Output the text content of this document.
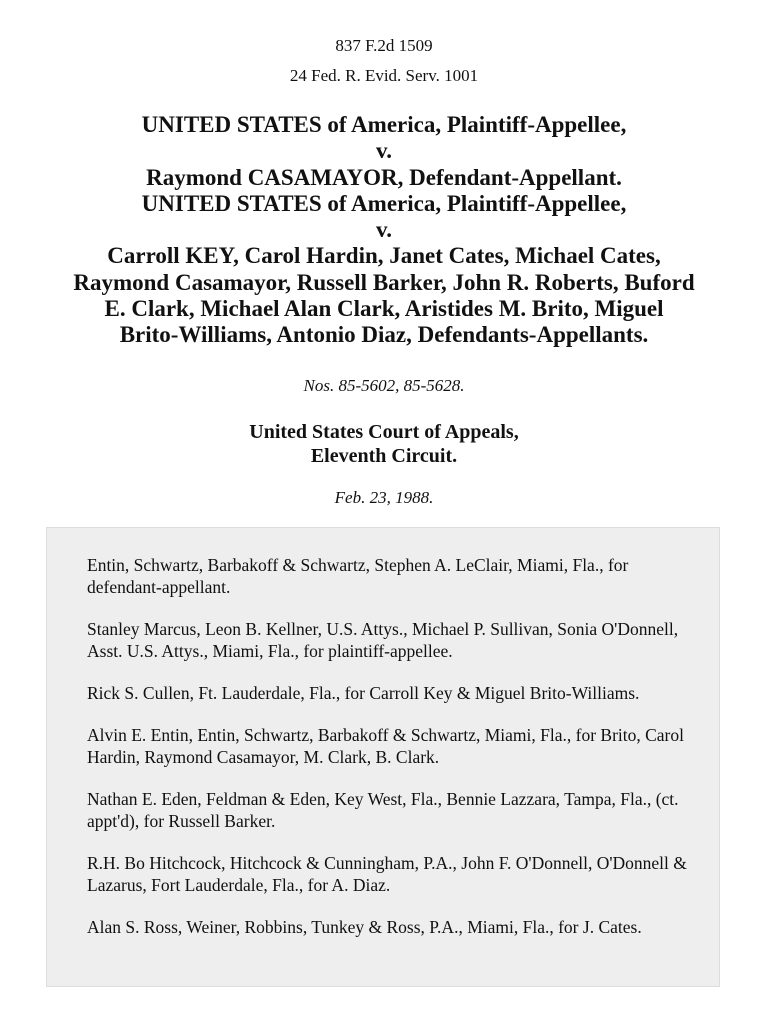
837 F.2d 1509
24 Fed. R. Evid. Serv. 1001
UNITED STATES of America, Plaintiff-Appellee,
v.
Raymond CASAMAYOR, Defendant-Appellant.
UNITED STATES of America, Plaintiff-Appellee,
v.
Carroll KEY, Carol Hardin, Janet Cates, Michael Cates,
Raymond Casamayor, Russell Barker, John R. Roberts, Buford
E. Clark, Michael Alan Clark, Aristides M. Brito, Miguel
Brito-Williams, Antonio Diaz, Defendants-Appellants.
Nos. 85-5602, 85-5628.
United States Court of Appeals,
Eleventh Circuit.
Feb. 23, 1988.
Entin, Schwartz, Barbakoff & Schwartz, Stephen A. LeClair, Miami, Fla., for defendant-appellant.
Stanley Marcus, Leon B. Kellner, U.S. Attys., Michael P. Sullivan, Sonia O'Donnell, Asst. U.S. Attys., Miami, Fla., for plaintiff-appellee.
Rick S. Cullen, Ft. Lauderdale, Fla., for Carroll Key & Miguel Brito-Williams.
Alvin E. Entin, Entin, Schwartz, Barbakoff & Schwartz, Miami, Fla., for Brito, Carol Hardin, Raymond Casamayor, M. Clark, B. Clark.
Nathan E. Eden, Feldman & Eden, Key West, Fla., Bennie Lazzara, Tampa, Fla., (ct. appt'd), for Russell Barker.
R.H. Bo Hitchcock, Hitchcock & Cunningham, P.A., John F. O'Donnell, O'Donnell & Lazarus, Fort Lauderdale, Fla., for A. Diaz.
Alan S. Ross, Weiner, Robbins, Tunkey & Ross, P.A., Miami, Fla., for J. Cates.
